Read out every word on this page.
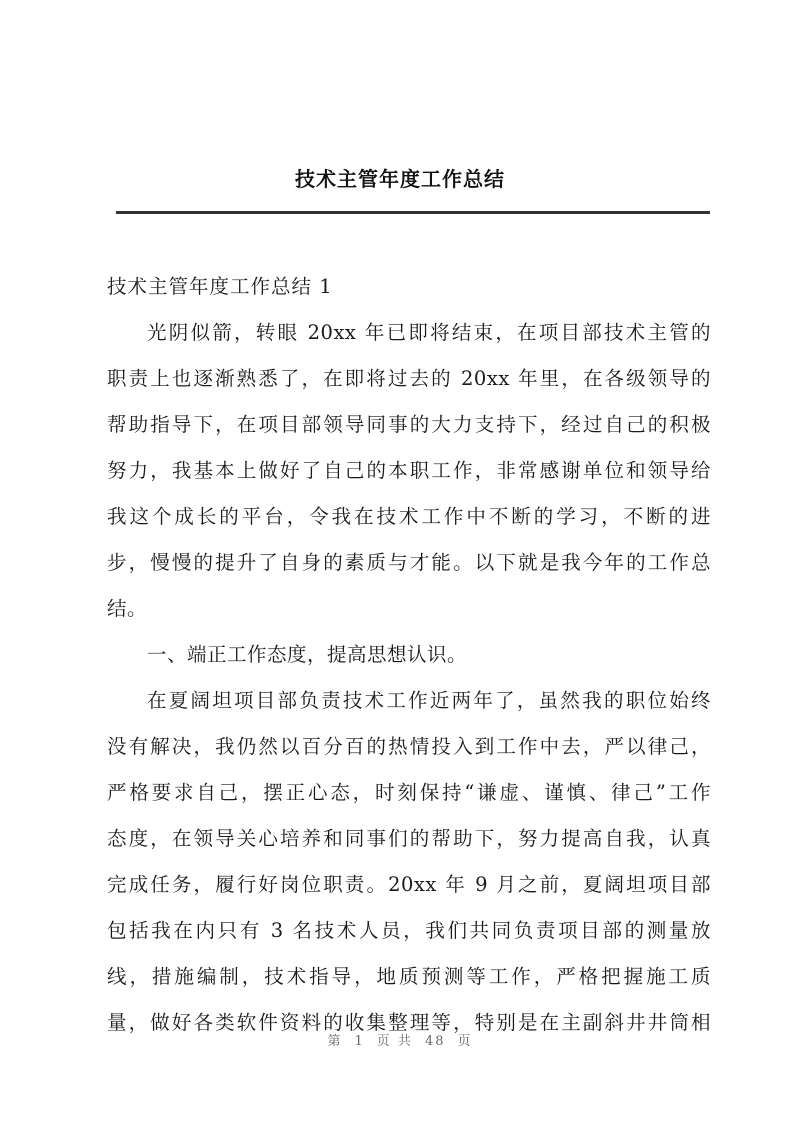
技术主管年度工作总结
技术主管年度工作总结 1
光阴似箭，转眼 20xx 年已即将结束，在项目部技术主管的
职责上也逐渐熟悉了，在即将过去的 20xx 年里，在各级领导的
帮助指导下，在项目部领导同事的大力支持下，经过自己的积极
努力，我基本上做好了自己的本职工作，非常感谢单位和领导给
我这个成长的平台，令我在技术工作中不断的学习，不断的进
步，慢慢的提升了自身的素质与才能。以下就是我今年的工作总
结。
一、端正工作态度，提高思想认识。
在夏阔坦项目部负责技术工作近两年了，虽然我的职位始终
没有解决，我仍然以百分百的热情投入到工作中去，严以律己，
严格要求自己，摆正心态，时刻保持“谦虚、谨慎、律己”工作
态度，在领导关心培养和同事们的帮助下，努力提高自我，认真
完成任务，履行好岗位职责。20xx 年 9 月之前，夏阔坦项目部
包括我在内只有 3 名技术人员，我们共同负责项目部的测量放
线，措施编制，技术指导，地质预测等工作，严格把握施工质
量，做好各类软件资料的收集整理等，特别是在主副斜井井筒相
第 1 页 共 48 页
